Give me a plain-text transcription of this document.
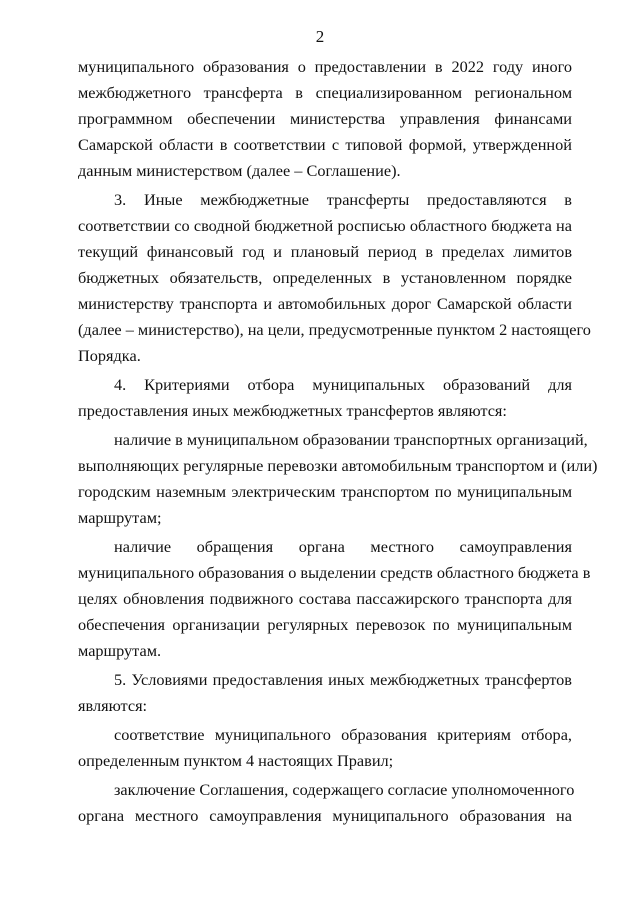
2
муниципального образования о предоставлении в 2022 году иного
межбюджетного трансферта в специализированном региональном
программном обеспечении министерства управления финансами
Самарской области в соответствии с типовой формой, утвержденной
данным министерством (далее – Соглашение).
3. Иные межбюджетные трансферты предоставляются в
соответствии со сводной бюджетной росписью областного бюджета на
текущий финансовый год и плановый период в пределах лимитов
бюджетных обязательств, определенных в установленном порядке
министерству транспорта и автомобильных дорог Самарской области
(далее – министерство), на цели, предусмотренные пунктом 2 настоящего
Порядка.
4. Критериями отбора муниципальных образований для
предоставления иных межбюджетных трансфертов являются:
наличие в муниципальном образовании транспортных организаций,
выполняющих регулярные перевозки автомобильным транспортом и (или)
городским наземным электрическим транспортом по муниципальным
маршрутам;
наличие обращения органа местного самоуправления
муниципального образования о выделении средств областного бюджета в
целях обновления подвижного состава пассажирского транспорта для
обеспечения организации регулярных перевозок по муниципальным
маршрутам.
5. Условиями предоставления иных межбюджетных трансфертов
являются:
соответствие муниципального образования критериям отбора,
определенным пунктом 4 настоящих Правил;
заключение Соглашения, содержащего согласие уполномоченного
органа местного самоуправления муниципального образования на
